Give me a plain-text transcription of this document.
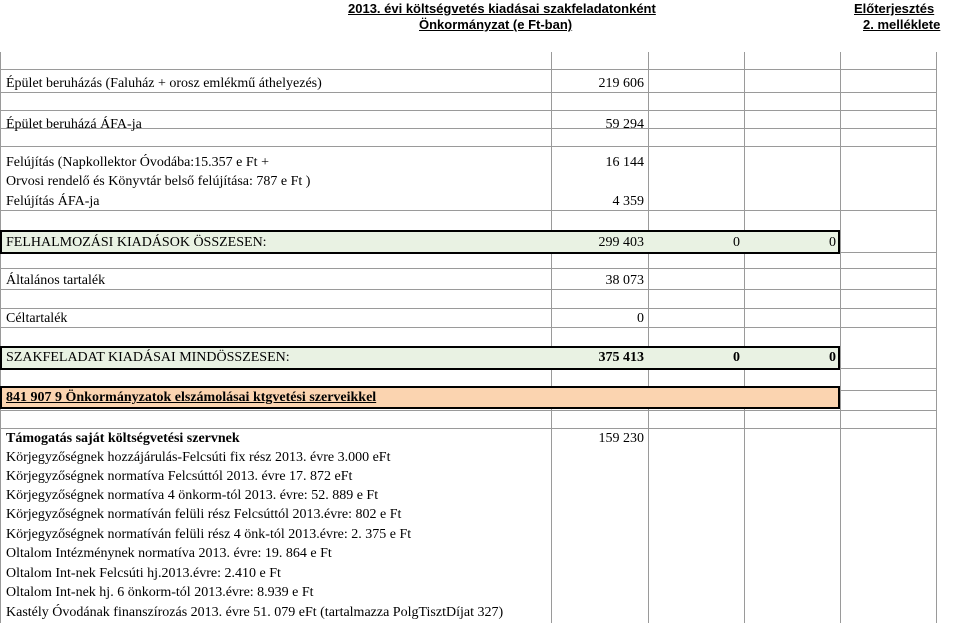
2013. évi költségvetés kiadásai szakfeladatonként
Önkormányzat (e Ft-ban)
Előterjesztés
2. melléklete
Épület beruházás (Faluház + orosz emlékmű áthelyezés)	219 606
Épület beruházá ÁFA-ja	59 294
Felújítás (Napkollektor Óvodába:15.357 e Ft +	16 144
Orvosi rendelő és Könyvtár belső felújítása: 787 e Ft )
Felújítás ÁFA-ja	4 359
FELHALMOZÁSI KIADÁSOK ÖSSZESEN:	299 403	0	0
Általános tartalék	38 073
Céltartalék	0
SZAKFELADAT KIADÁSAI MINDÖSSZESEN:	375 413	0	0
841 907 9 Önkormányzatok elszámolásai ktgvetési szerveikkel
Támogatás saját költségvetési szervnek	159 230
Körjegyzőségnek hozzájárulás-Felcsúti fix rész 2013. évre 3.000 eFt
Körjegyzőségnek normatíva Felcsúttól 2013. évre 17. 872 eFt
Körjegyzőségnek normatíva 4 önkorm-tól 2013. évre: 52. 889 e Ft
Körjegyzőségnek normatíván felüli rész Felcsúttól 2013.évre: 802 e Ft
Körjegyzőségnek normatíván felüli rész 4 önk-tól 2013.évre: 2. 375 e Ft
Oltalom Intézménynek normatíva 2013. évre: 19. 864 e Ft
Oltalom Int-nek Felcsúti hj.2013.évre: 2.410 e Ft
Oltalom Int-nek hj. 6 önkorm-tól 2013.évre: 8.939 e Ft
Kastély Óvodának finanszírozás 2013. évre 51. 079 eFt (tartalmazza PolgTisztDíjat 327)
